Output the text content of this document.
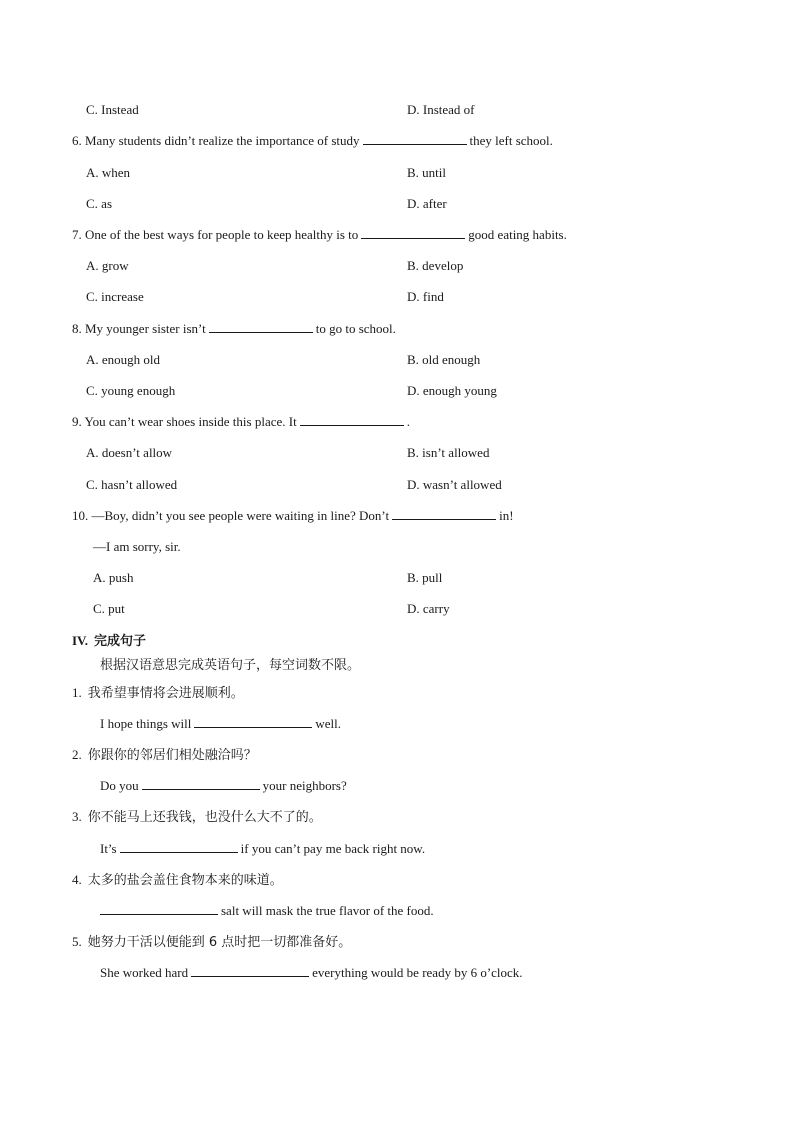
C. Instead	D. Instead of
6. Many students didn’t realize the importance of study	they left school.
A. when	B. until
C. as	D. after
7. One of the best ways for people to keep healthy is to	good eating habits.
A. grow	B. develop
C. increase	D. find
8. My younger sister isn’t	to go to school.
A. enough old	B. old enough
C. young enough	D. enough young
9. You can’t wear shoes inside this place. It	.
A. doesn’t allow	B. isn’t allowed
C. hasn’t allowed	D. wasn’t allowed
10. —Boy, didn’t you see people were waiting in line? Don’t	in!
—I am sorry, sir.
A. push	B. pull
C. put	D. carry
IV. 完成句子
根据汉语意思完成英语句子，每空词数不限。
1. 我希望事情将会进展顺利。
I hope things will	well.
2. 你跟你的邻居们相处融洽吗？
Do you	your neighbors?
3. 你不能马上还我钱，也没什么大不了的。
It’s	if you can’t pay me back right now.
4. 太多的盐会盖住食物本来的味道。
salt will mask the true flavor of the food.
5. 她努力干活以便能到 6 点时把一切都准备好。
She worked hard	everything would be ready by 6 o’clock.
